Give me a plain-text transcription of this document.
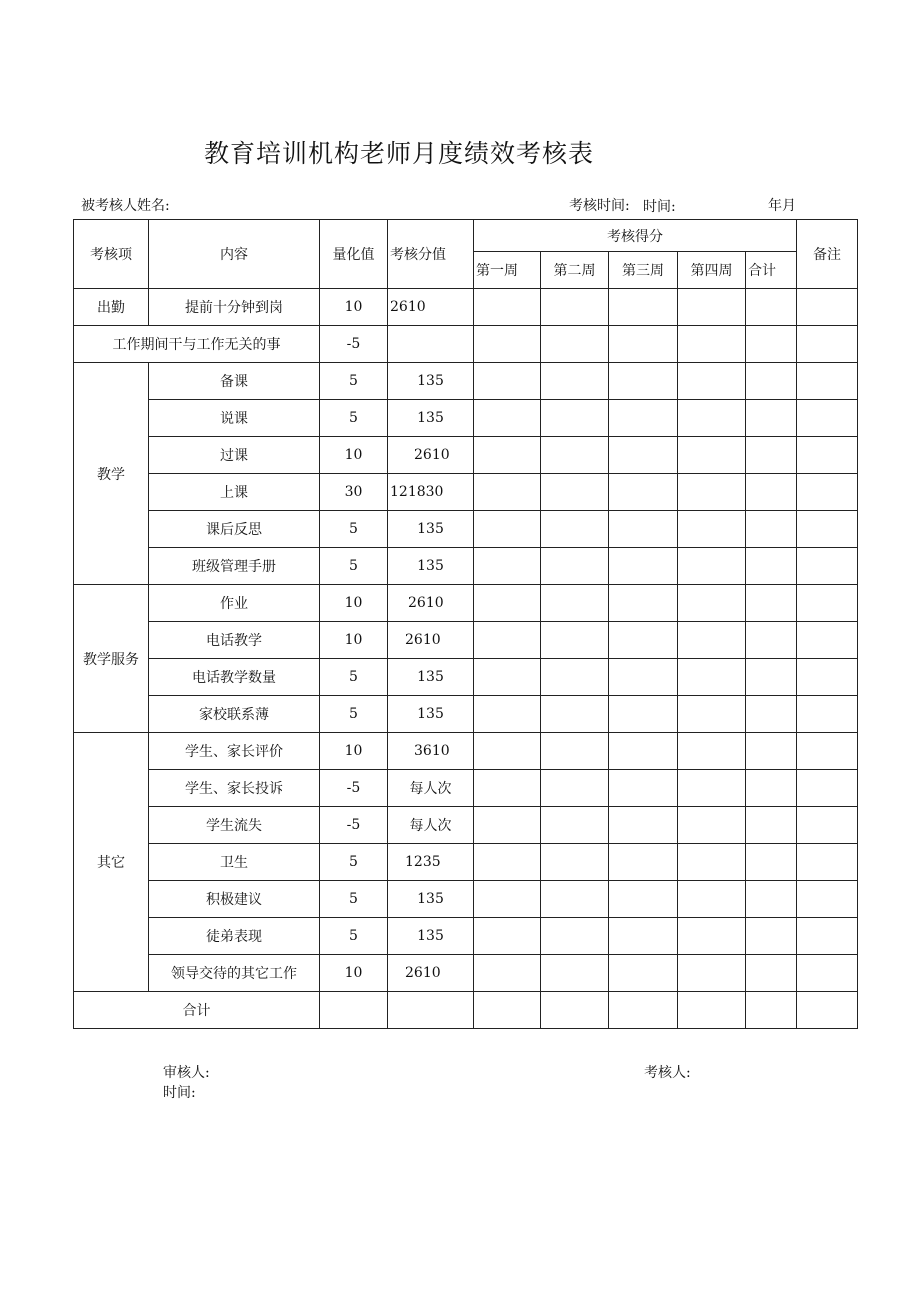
教育培训机构老师月度绩效考核表
被考核人姓名:	考核时间: 时间:	年月
考核项	内容	量化值	考核分值	考核得分					备注
				第一周	第二周	第三周	第四周	合计	
出勤	提前十分钟到岗	10	2610						
工作期间干与工作无关的事		-5							
教学	备课	5	135						
	说课	5	135						
	过课	10	2610						
	上课	30	121830						
	课后反思	5	135						
	班级管理手册	5	135						
教学服务	作业	10	2610						
	电话教学	10	2610						
	电话教学数量	5	135						
	家校联系薄	5	135						
其它	学生、家长评价	10	3610						
	学生、家长投诉	-5	每人次						
	学生流失	-5	每人次						
	卫生	5	1235						
	积极建议	5	135						
	徒弟表现	5	135						
	领导交待的其它工作	10	2610						
合计									
审核人:	考核人:
时间:
